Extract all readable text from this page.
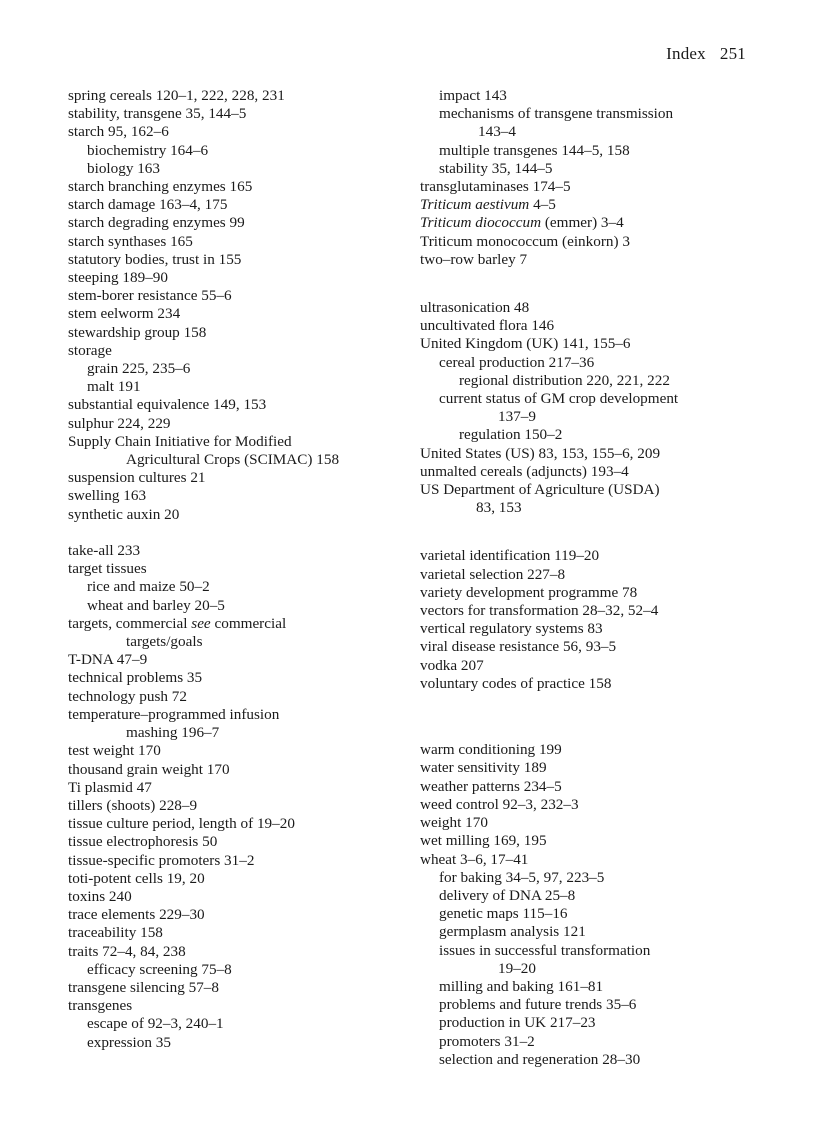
Index 251
spring cereals 120–1, 222, 228, 231
stability, transgene 35, 144–5
starch 95, 162–6
biochemistry 164–6
biology 163
starch branching enzymes 165
starch damage 163–4, 175
starch degrading enzymes 99
starch synthases 165
statutory bodies, trust in 155
steeping 189–90
stem-borer resistance 55–6
stem eelworm 234
stewardship group 158
storage
grain 225, 235–6
malt 191
substantial equivalence 149, 153
sulphur 224, 229
Supply Chain Initiative for Modified
Agricultural Crops (SCIMAC) 158
suspension cultures 21
swelling 163
synthetic auxin 20
take-all 233
target tissues
rice and maize 50–2
wheat and barley 20–5
targets, commercial see commercial
targets/goals
T-DNA 47–9
technical problems 35
technology push 72
temperature–programmed infusion
mashing 196–7
test weight 170
thousand grain weight 170
Ti plasmid 47
tillers (shoots) 228–9
tissue culture period, length of 19–20
tissue electrophoresis 50
tissue-specific promoters 31–2
toti-potent cells 19, 20
toxins 240
trace elements 229–30
traceability 158
traits 72–4, 84, 238
efficacy screening 75–8
transgene silencing 57–8
transgenes
escape of 92–3, 240–1
expression 35
impact 143
mechanisms of transgene transmission
143–4
multiple transgenes 144–5, 158
stability 35, 144–5
transglutaminases 174–5
Triticum aestivum 4–5
Triticum diococcum (emmer) 3–4
Triticum monococcum (einkorn) 3
two–row barley 7
ultrasonication 48
uncultivated flora 146
United Kingdom (UK) 141, 155–6
cereal production 217–36
regional distribution 220, 221, 222
current status of GM crop development
137–9
regulation 150–2
United States (US) 83, 153, 155–6, 209
unmalted cereals (adjuncts) 193–4
US Department of Agriculture (USDA)
83, 153
varietal identification 119–20
varietal selection 227–8
variety development programme 78
vectors for transformation 28–32, 52–4
vertical regulatory systems 83
viral disease resistance 56, 93–5
vodka 207
voluntary codes of practice 158
warm conditioning 199
water sensitivity 189
weather patterns 234–5
weed control 92–3, 232–3
weight 170
wet milling 169, 195
wheat 3–6, 17–41
for baking 34–5, 97, 223–5
delivery of DNA 25–8
genetic maps 115–16
germplasm analysis 121
issues in successful transformation
19–20
milling and baking 161–81
problems and future trends 35–6
production in UK 217–23
promoters 31–2
selection and regeneration 28–30
